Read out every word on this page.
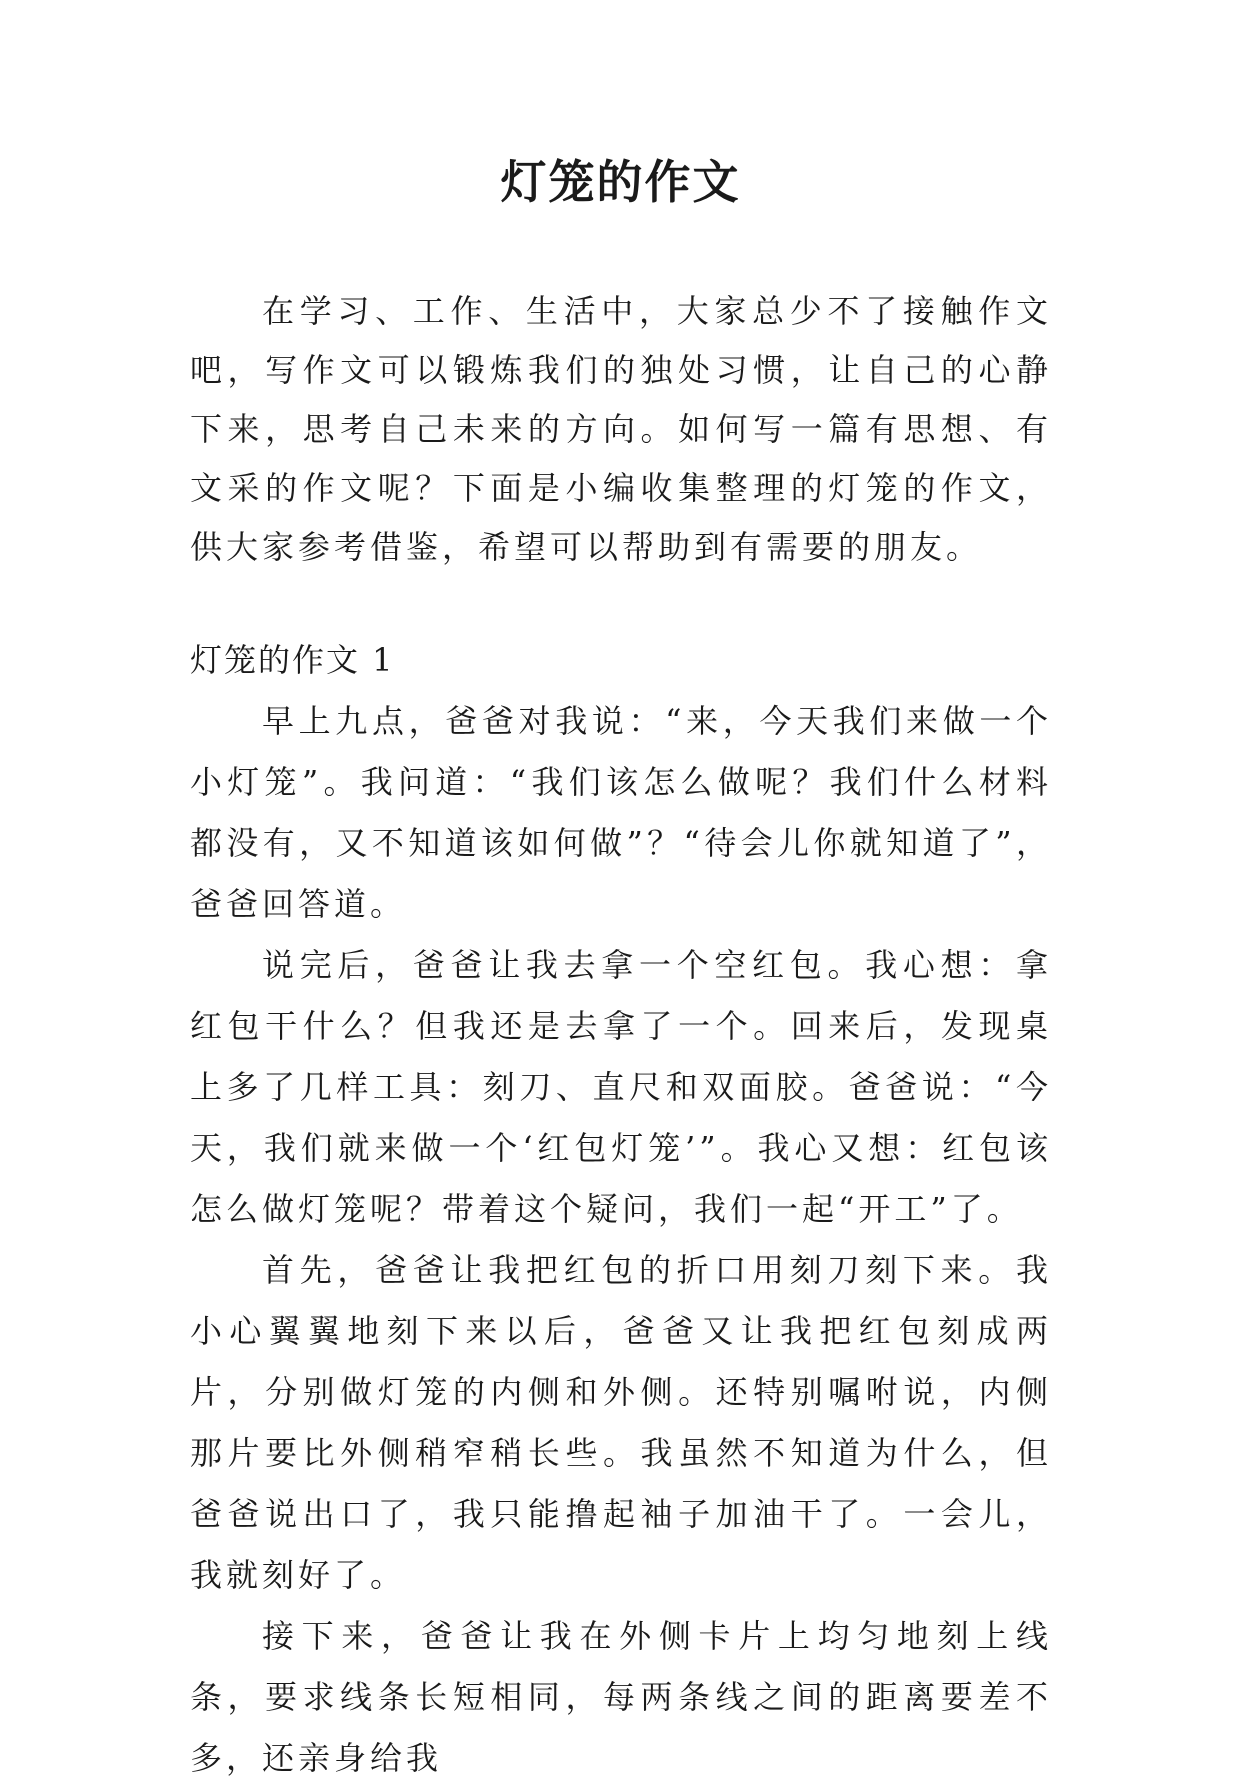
灯笼的作文

在学习、工作、生活中，大家总少不了接触作文吧，写作文可以锻炼我们的独处习惯，让自己的心静下来，思考自己未来的方向。如何写一篇有思想、有文采的作文呢？下面是小编收集整理的灯笼的作文，供大家参考借鉴，希望可以帮助到有需要的朋友。

灯笼的作文 1

早上九点，爸爸对我说：“来，今天我们来做一个小灯笼”。我问道：“我们该怎么做呢？我们什么材料都没有，又不知道该如何做”？“待会儿你就知道了”，爸爸回答道。

说完后，爸爸让我去拿一个空红包。我心想：拿红包干什么？但我还是去拿了一个。回来后，发现桌上多了几样工具：刻刀、直尺和双面胶。爸爸说：“今天，我们就来做一个‘红包灯笼’”。我心又想：红包该怎么做灯笼呢？带着这个疑问，我们一起“开工”了。

首先，爸爸让我把红包的折口用刻刀刻下来。我小心翼翼地刻下来以后，爸爸又让我把红包刻成两片，分别做灯笼的内侧和外侧。还特别嘱咐说，内侧那片要比外侧稍窄稍长些。我虽然不知道为什么，但爸爸说出口了，我只能撸起袖子加油干了。一会儿，我就刻好了。

接下来，爸爸让我在外侧卡片上均匀地刻上线条，要求线条长短相同，每两条线之间的距离要差不多，还亲身给我
